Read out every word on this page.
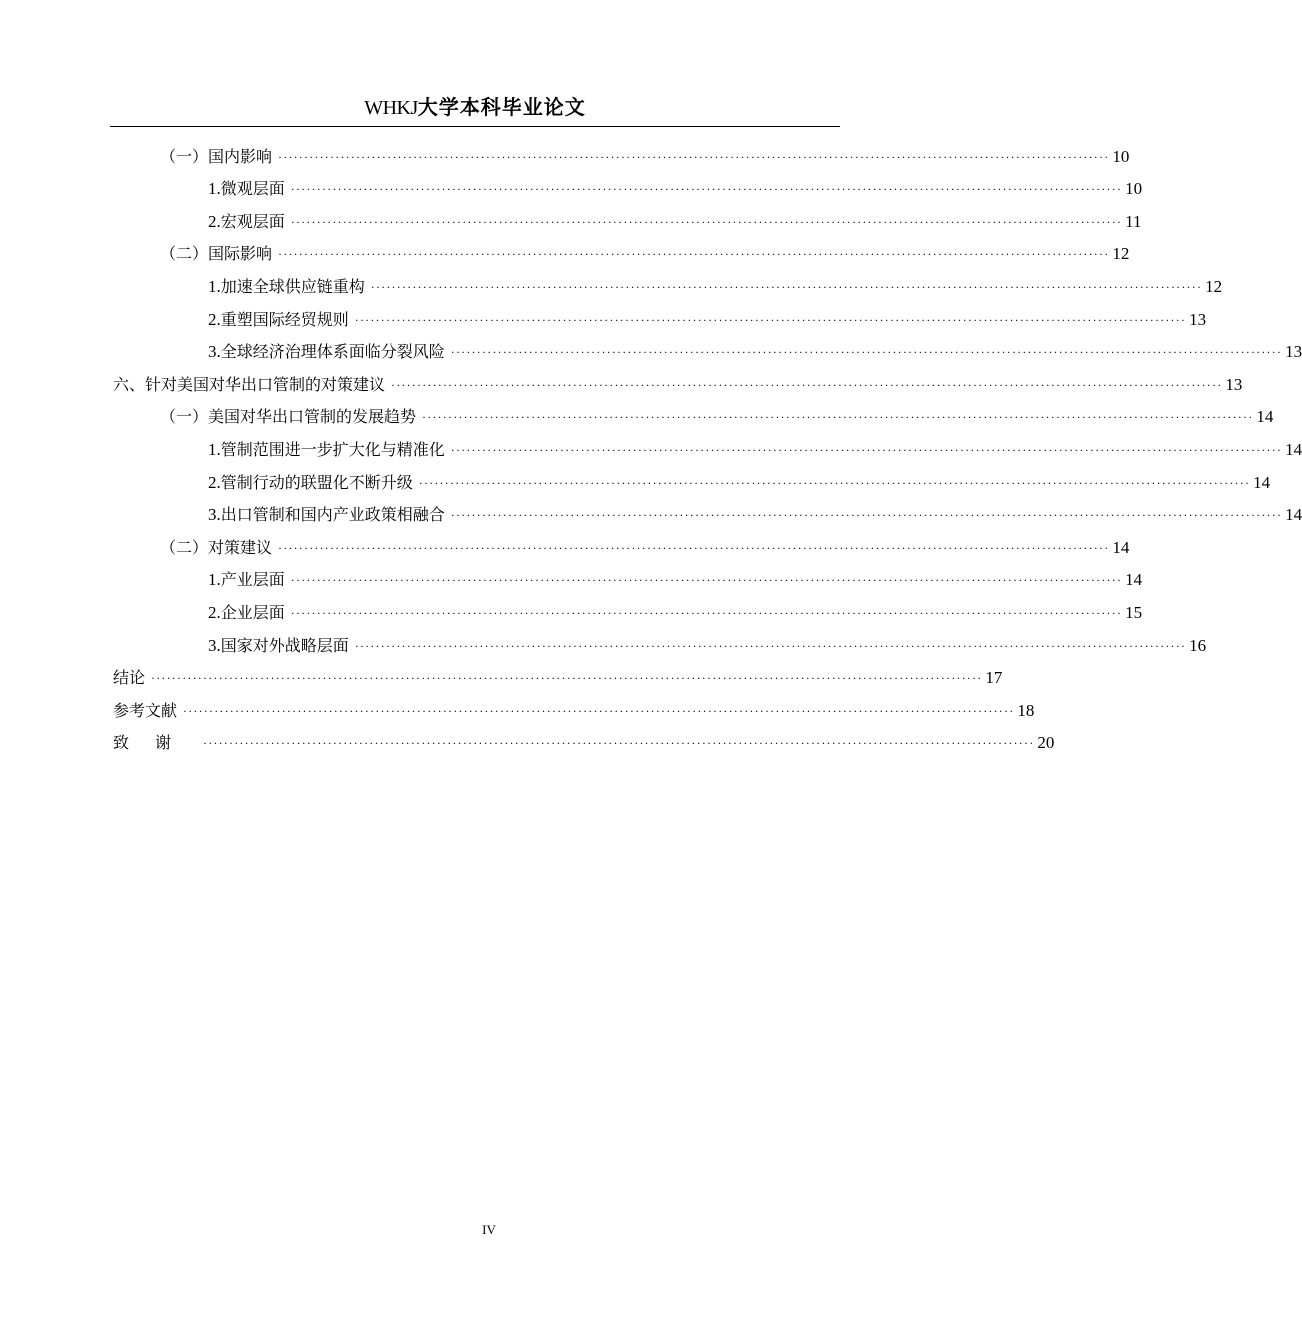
WHKJ大学本科毕业论文
（一）国内影响 ································································································································································ 10
1.微观层面 ································································································································································ 10
2.宏观层面 ································································································································································ 11
（二）国际影响 ································································································································································ 12
1.加速全球供应链重构 ································································································································································ 12
2.重塑国际经贸规则 ································································································································································ 13
3.全球经济治理体系面临分裂风险 ································································································································································ 13
六、针对美国对华出口管制的对策建议 ································································································································································ 13
（一）美国对华出口管制的发展趋势 ································································································································································ 14
1.管制范围进一步扩大化与精准化 ································································································································································ 14
2.管制行动的联盟化不断升级 ································································································································································ 14
3.出口管制和国内产业政策相融合 ································································································································································ 14
（二）对策建议 ································································································································································ 14
1.产业层面 ································································································································································ 14
2.企业层面 ································································································································································ 15
3.国家对外战略层面 ································································································································································ 16
结论 ································································································································································ 17
参考文献 ································································································································································ 18
致谢 ································································································································································ 20
IV
